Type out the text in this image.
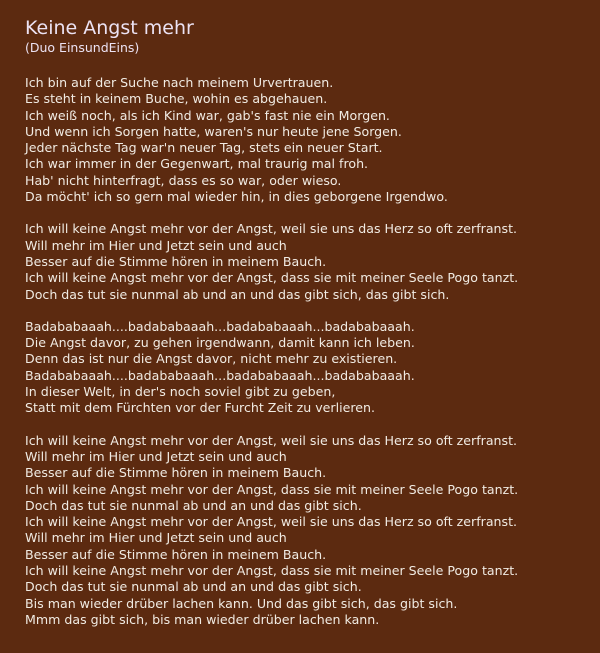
Keine Angst mehr
(Duo EinsundEins)
Ich bin auf der Suche nach meinem Urvertrauen.
Es steht in keinem Buche, wohin es abgehauen.
Ich weiß noch, als ich Kind war, gab's fast nie ein Morgen.
Und wenn ich Sorgen hatte, waren's nur heute jene Sorgen.
Jeder nächste Tag war'n neuer Tag, stets ein neuer Start.
Ich war immer in der Gegenwart, mal traurig mal froh.
Hab' nicht hinterfragt, dass es so war, oder wieso.
Da möcht' ich so gern mal wieder hin, in dies geborgene Irgendwo.
Ich will keine Angst mehr vor der Angst, weil sie uns das Herz so oft zerfranst.
Will mehr im Hier und Jetzt sein und auch
Besser auf die Stimme hören in meinem Bauch.
Ich will keine Angst mehr vor der Angst, dass sie mit meiner Seele Pogo tanzt.
Doch das tut sie nunmal ab und an und das gibt sich, das gibt sich.
Badababaaah....badababaaah...badababaaah...badababaaah.
Die Angst davor, zu gehen irgendwann, damit kann ich leben.
Denn das ist nur die Angst davor, nicht mehr zu existieren.
Badababaaah....badababaaah...badababaaah...badababaaah.
In dieser Welt, in der's noch soviel gibt zu geben,
Statt mit dem Fürchten vor der Furcht Zeit zu verlieren.
Ich will keine Angst mehr vor der Angst, weil sie uns das Herz so oft zerfranst.
Will mehr im Hier und Jetzt sein und auch
Besser auf die Stimme hören in meinem Bauch.
Ich will keine Angst mehr vor der Angst, dass sie mit meiner Seele Pogo tanzt.
Doch das tut sie nunmal ab und an und das gibt sich.
Ich will keine Angst mehr vor der Angst, weil sie uns das Herz so oft zerfranst.
Will mehr im Hier und Jetzt sein und auch
Besser auf die Stimme hören in meinem Bauch.
Ich will keine Angst mehr vor der Angst, dass sie mit meiner Seele Pogo tanzt.
Doch das tut sie nunmal ab und an und das gibt sich.
Bis man wieder drüber lachen kann. Und das gibt sich, das gibt sich.
Mmm das gibt sich, bis man wieder drüber lachen kann.
